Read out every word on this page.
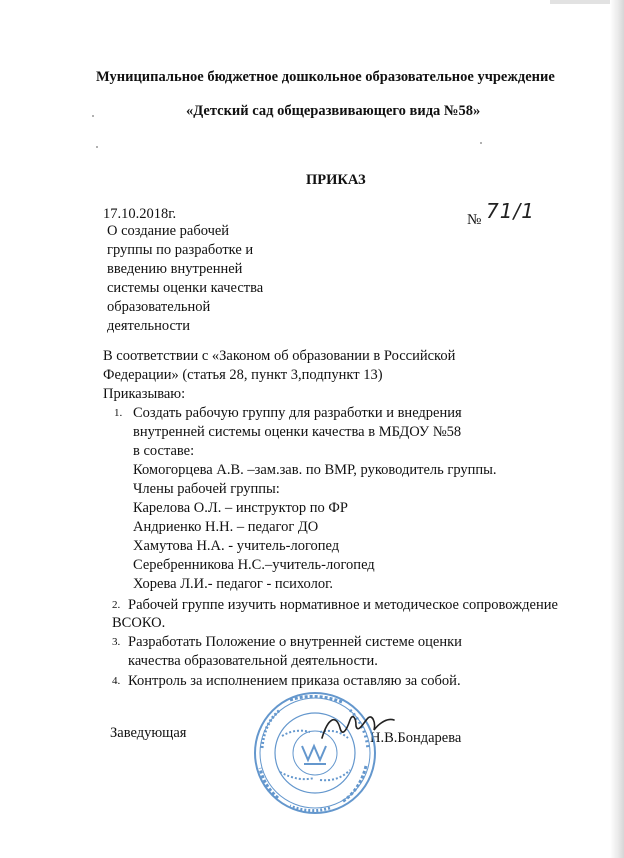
Муниципальное бюджетное дошкольное образовательное учреждение
«Детский сад общеразвивающего вида №58»
ПРИКАЗ
17.10.2018г.	№ 71/1
О создание рабочей
группы по разработке и
введению внутренней
системы оценки качества
образовательной
деятельности
В соответствии с «Законом об образовании в Российской
Федерации» (статья 28, пункт 3,подпункт 13)
Приказываю:
1. Создать рабочую группу для разработки и внедрения
внутренней системы оценки качества в МБДОУ №58
в составе:
Комогорцева А.В. –зам.зав. по ВМР, руководитель группы.
Члены рабочей группы:
Карелова О.Л. – инструктор по ФР
Андриенко Н.Н. – педагог ДО
Хамутова Н.А. - учитель-логопед
Серебренникова Н.С.–учитель-логопед
Хорева Л.И.- педагог - психолог.
2. Рабочей группе изучить нормативное и методическое сопровождение
ВСОКО.
3. Разработать Положение о внутренней системе оценки
качества образовательной деятельности.
4. Контроль за исполнением приказа оставляю за собой.
Заведующая	Н.В.Бондарева
